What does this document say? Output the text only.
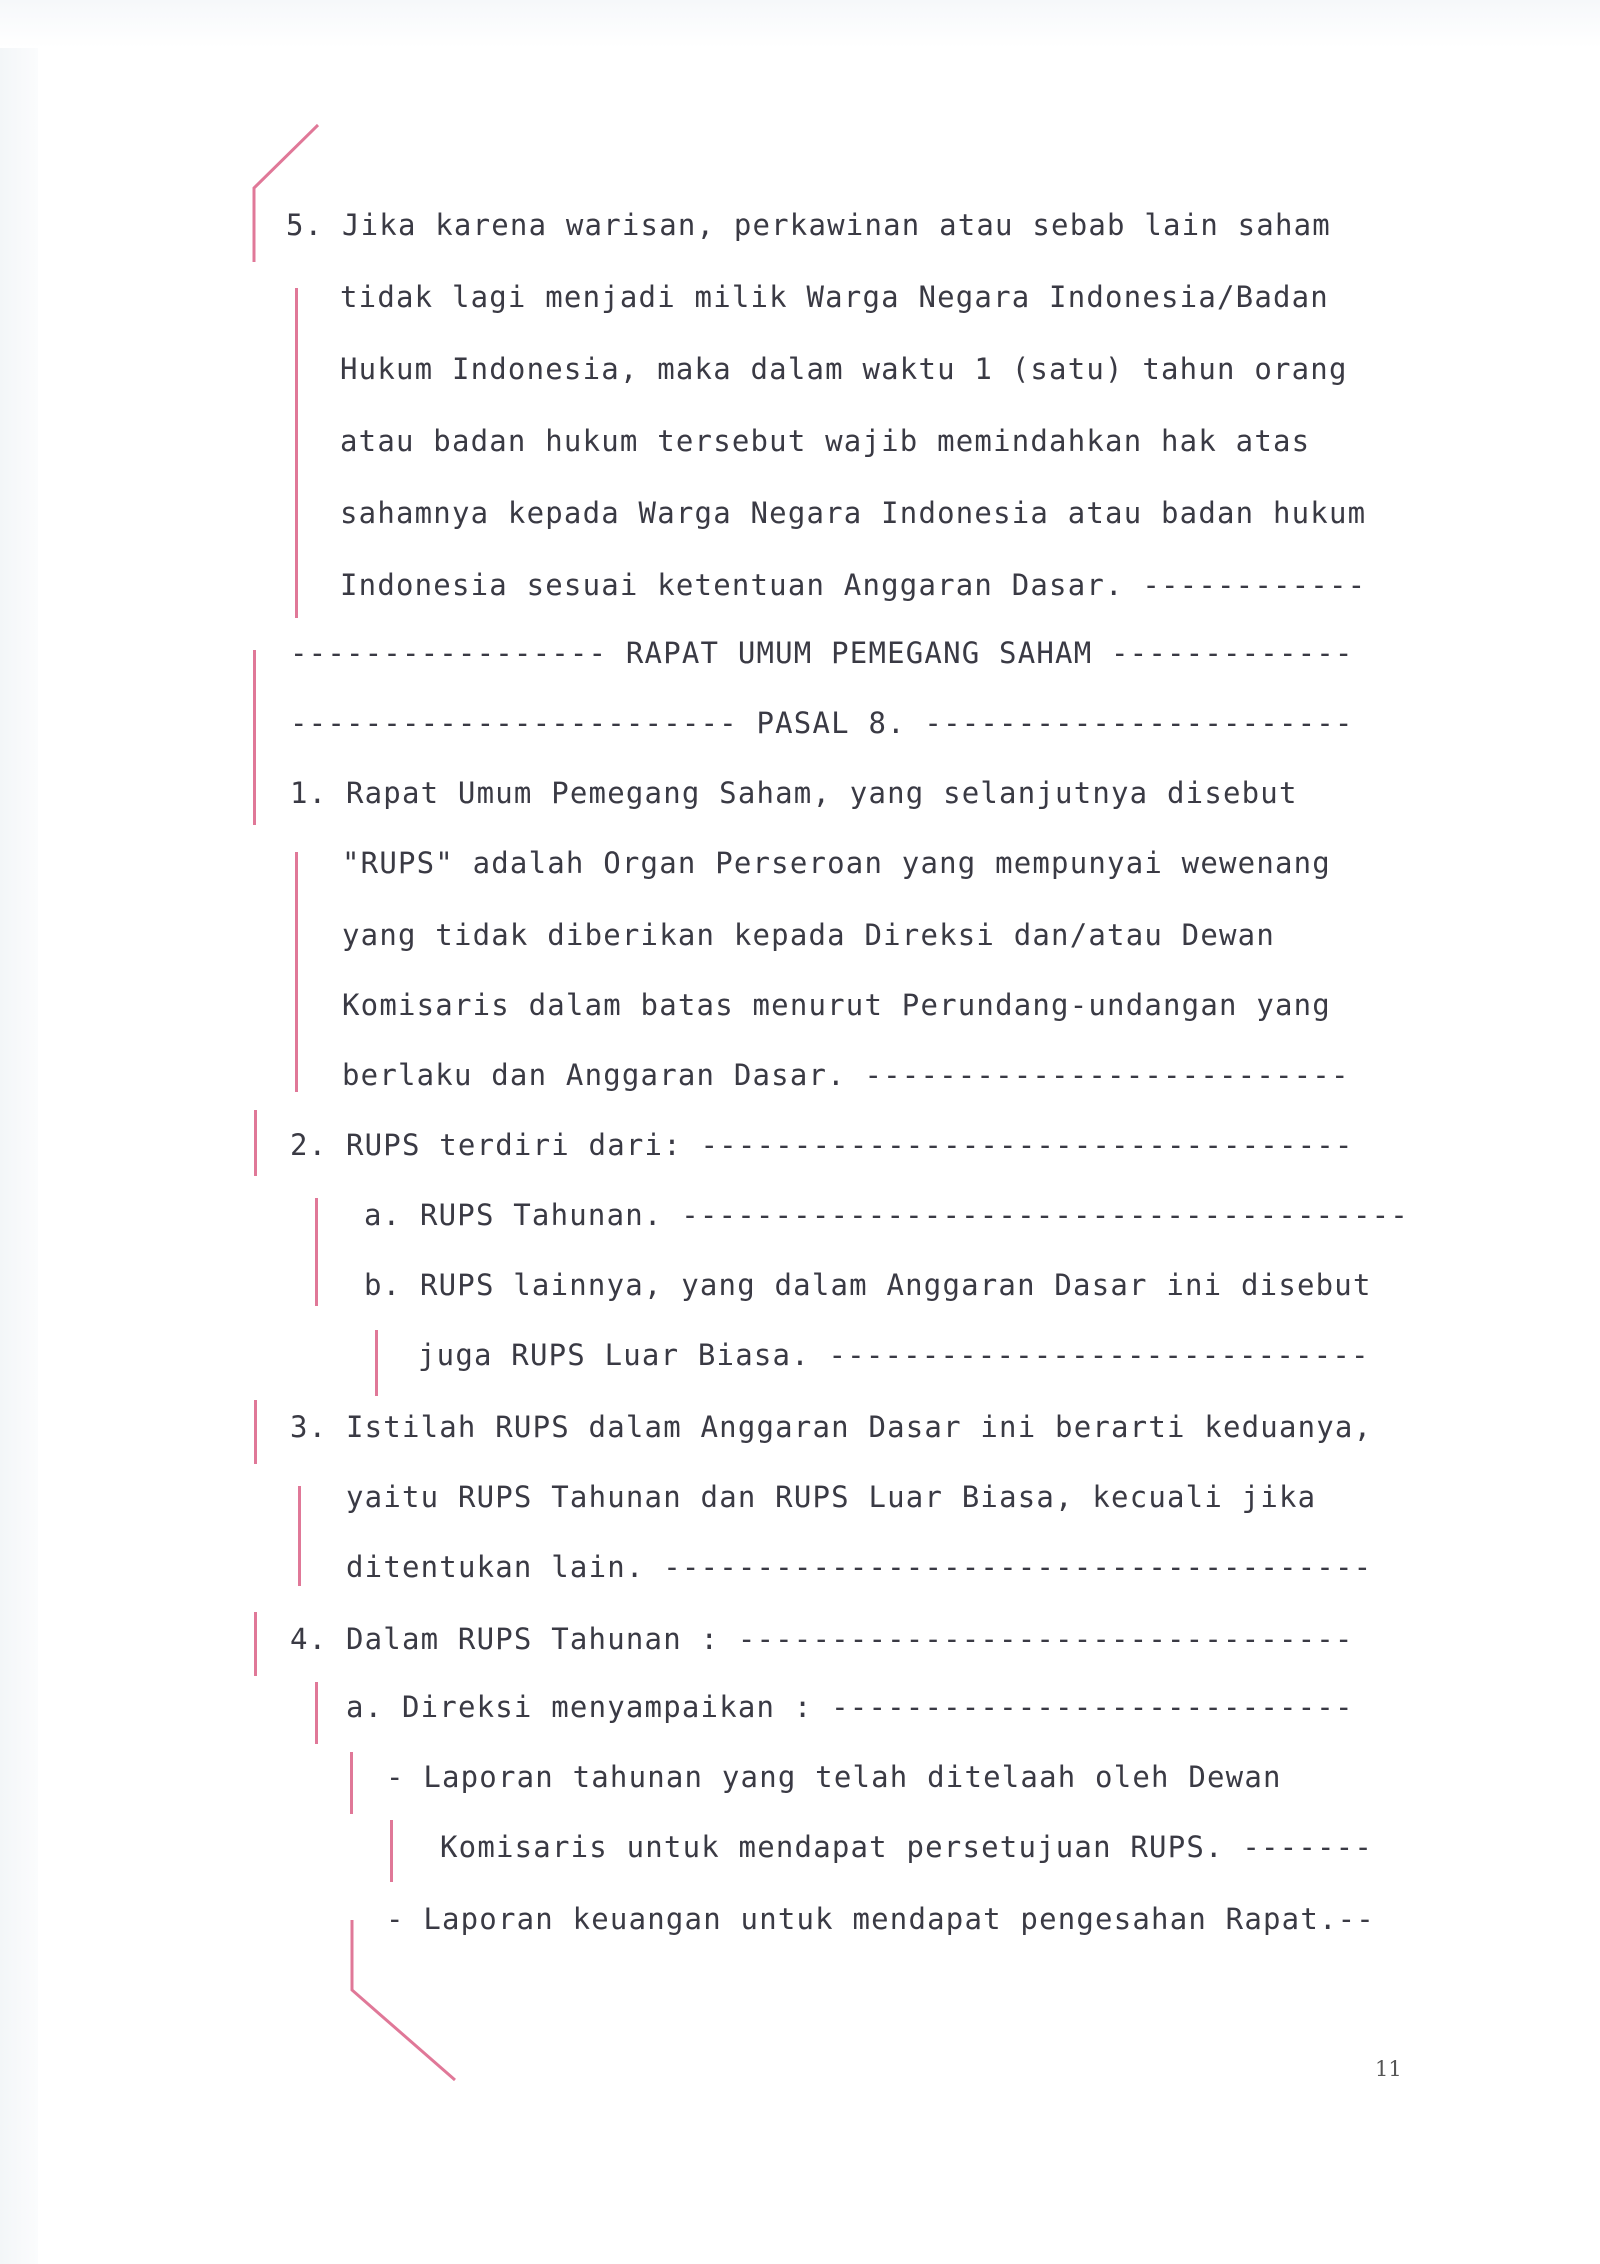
5. Jika karena warisan, perkawinan atau sebab lain saham
tidak lagi menjadi milik Warga Negara Indonesia/Badan
Hukum Indonesia, maka dalam waktu 1 (satu) tahun orang
atau badan hukum tersebut wajib memindahkan hak atas
sahamnya kepada Warga Negara Indonesia atau badan hukum
Indonesia sesuai ketentuan Anggaran Dasar. ------------
----------------- RAPAT UMUM PEMEGANG SAHAM -------------
------------------------ PASAL 8. -----------------------
1. Rapat Umum Pemegang Saham, yang selanjutnya disebut
"RUPS" adalah Organ Perseroan yang mempunyai wewenang
yang tidak diberikan kepada Direksi dan/atau Dewan
Komisaris dalam batas menurut Perundang-undangan yang
berlaku dan Anggaran Dasar. --------------------------
2. RUPS terdiri dari: -----------------------------------
a. RUPS Tahunan. ---------------------------------------
b. RUPS lainnya, yang dalam Anggaran Dasar ini disebut
juga RUPS Luar Biasa. -----------------------------
3. Istilah RUPS dalam Anggaran Dasar ini berarti keduanya,
yaitu RUPS Tahunan dan RUPS Luar Biasa, kecuali jika
ditentukan lain. --------------------------------------
4. Dalam RUPS Tahunan : ---------------------------------
a. Direksi menyampaikan : ----------------------------
- Laporan tahunan yang telah ditelaah oleh Dewan
Komisaris untuk mendapat persetujuan RUPS. -------
- Laporan keuangan untuk mendapat pengesahan Rapat.--
11
